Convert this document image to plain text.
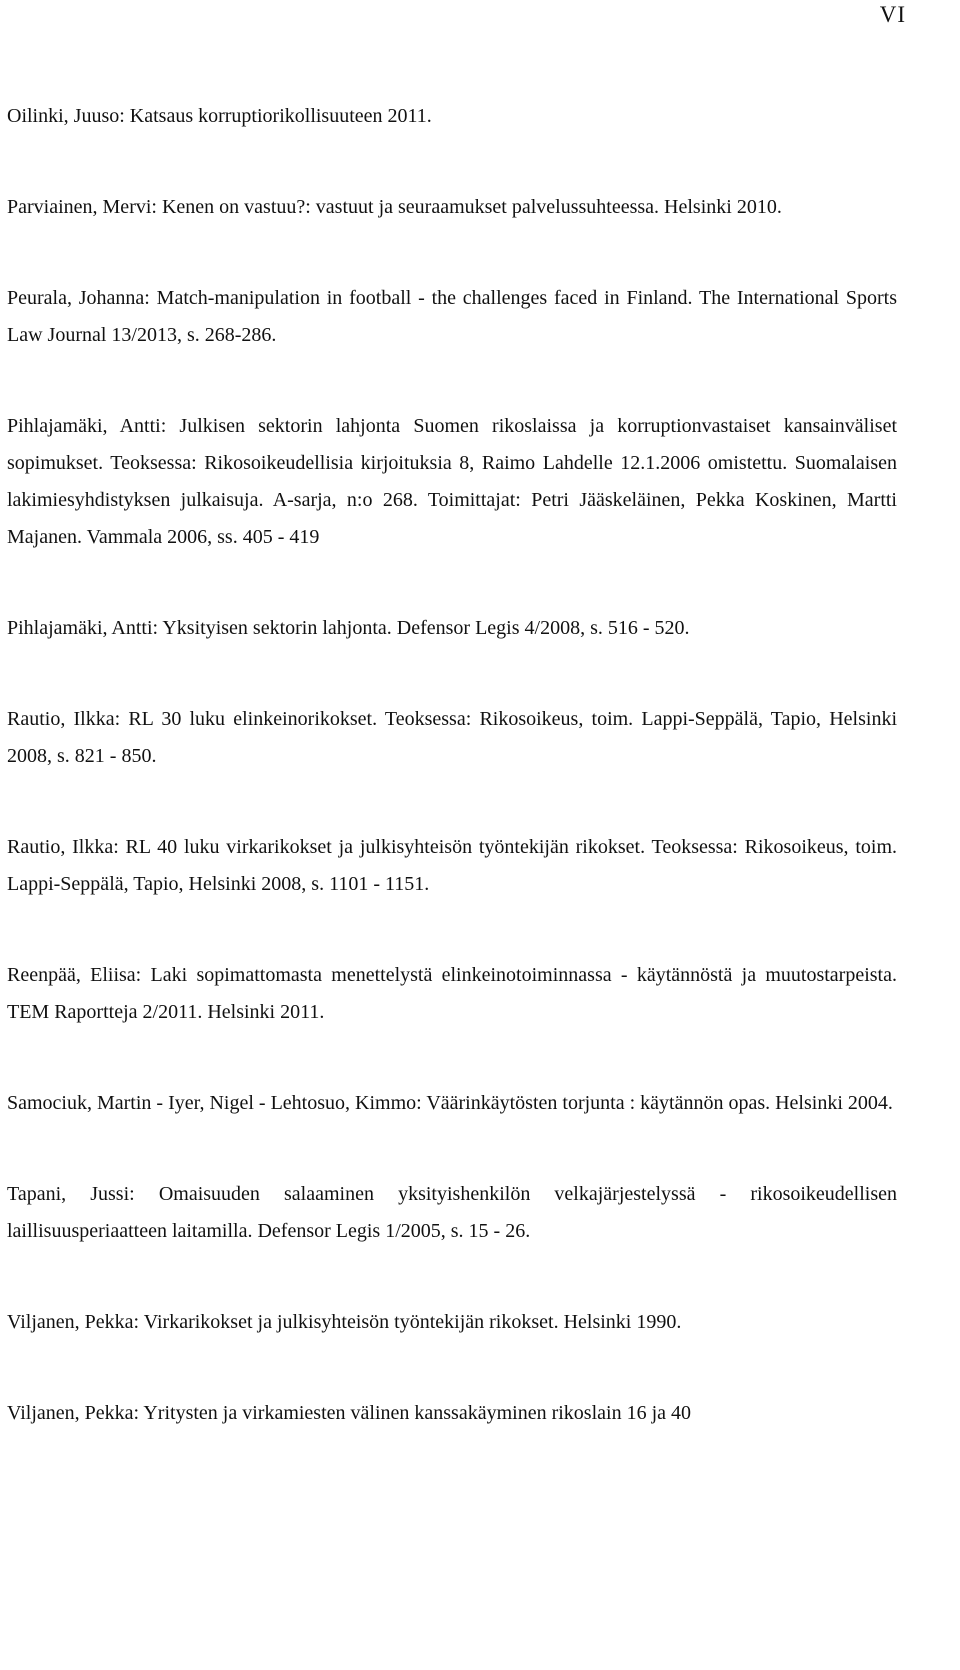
VI
Oilinki, Juuso: Katsaus korruptiorikollisuuteen 2011.
Parviainen, Mervi: Kenen on vastuu?: vastuut ja seuraamukset palvelussuhteessa. Helsinki 2010.
Peurala, Johanna: Match-manipulation in football - the challenges faced in Finland. The International Sports Law Journal 13/2013, s. 268-286.
Pihlajamäki, Antti: Julkisen sektorin lahjonta Suomen rikoslaissa ja korruptionvastaiset kansainväliset sopimukset. Teoksessa: Rikosoikeudellisia kirjoituksia 8, Raimo Lahdelle 12.1.2006 omistettu. Suomalaisen lakimiesyhdistyksen julkaisuja. A-sarja, n:o 268. Toimittajat: Petri Jääskeläinen, Pekka Koskinen, Martti Majanen. Vammala 2006, ss. 405 - 419
Pihlajamäki, Antti: Yksityisen sektorin lahjonta. Defensor Legis 4/2008, s. 516 - 520.
Rautio, Ilkka: RL 30 luku elinkeinorikokset. Teoksessa: Rikosoikeus, toim. Lappi-Seppälä, Tapio, Helsinki 2008, s. 821 - 850.
Rautio, Ilkka: RL 40 luku virkarikokset ja julkisyhteisön työntekijän rikokset. Teoksessa: Rikosoikeus, toim. Lappi-Seppälä, Tapio, Helsinki 2008, s. 1101 - 1151.
Reenpää, Eliisa: Laki sopimattomasta menettelystä elinkeinotoiminnassa - käytännöstä ja muutostarpeista. TEM Raportteja 2/2011. Helsinki 2011.
Samociuk, Martin - Iyer, Nigel - Lehtosuo, Kimmo: Väärinkäytösten torjunta : käytännön opas. Helsinki 2004.
Tapani, Jussi: Omaisuuden salaaminen yksityishenkilön velkajärjestelyssä - rikosoikeudellisen laillisuusperiaatteen laitamilla. Defensor Legis 1/2005, s. 15 - 26.
Viljanen, Pekka: Virkarikokset ja julkisyhteisön työntekijän rikokset. Helsinki 1990.
Viljanen, Pekka: Yritysten ja virkamiesten välinen kanssakäyminen rikoslain 16 ja 40
